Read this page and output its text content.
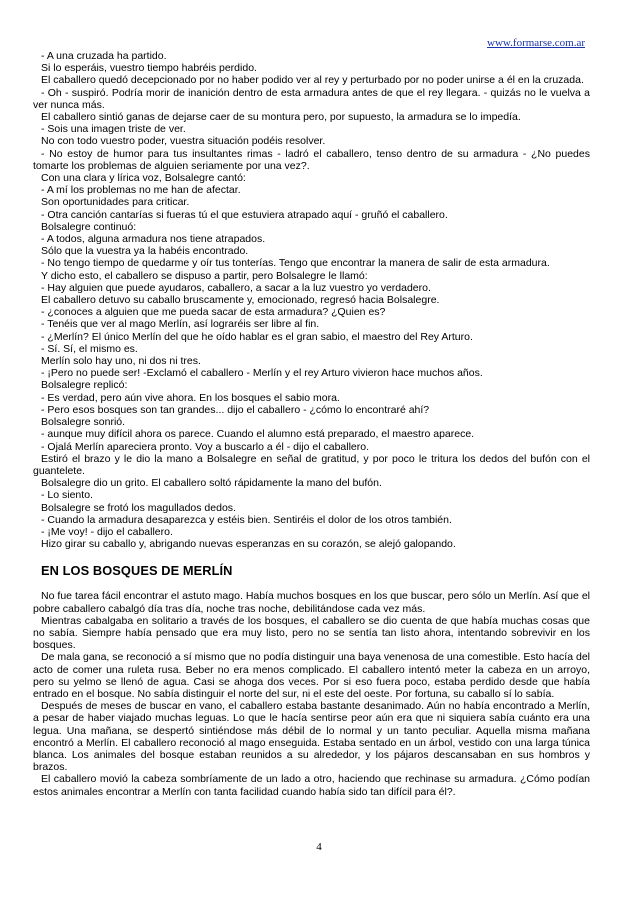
www.formarse.com.ar

- A una cruzada ha partido.

Si lo esperáis, vuestro tiempo habréis perdido.

El caballero quedó decepcionado por no haber podido ver al rey y perturbado por no poder unirse a él en la cruzada.

- Oh - suspiró. Podría morir de inanición dentro de esta armadura antes de que el rey llegara. - quizás no le vuelva a ver nunca más.

El caballero sintió ganas de dejarse caer de su montura pero, por supuesto, la armadura se lo impedía.

- Sois una imagen triste de ver.

No con todo vuestro poder, vuestra situación podéis resolver.

- No estoy de humor para tus insultantes rimas - ladró el caballero, tenso dentro de su armadura - ¿No puedes tomarte los problemas de alguien seriamente por una vez?.

Con una clara y lírica voz, Bolsalegre cantó:

- A mí los problemas no me han de afectar.

Son oportunidades para criticar.

- Otra canción cantarías si fueras tú el que estuviera atrapado aquí - gruñó el caballero.

Bolsalegre continuó:

- A todos, alguna armadura nos tiene atrapados.

Sólo que la vuestra ya la habéis encontrado.

- No tengo tiempo de quedarme y oír tus tonterías. Tengo que encontrar la manera de salir de esta armadura.

Y dicho esto, el caballero se dispuso a partir, pero Bolsalegre le llamó:

- Hay alguien que puede ayudaros, caballero, a sacar a la luz vuestro yo verdadero.

El caballero detuvo su caballo bruscamente y, emocionado, regresó hacia Bolsalegre.

- ¿conoces a alguien que me pueda sacar de esta armadura? ¿Quien es?

- Tenéis que ver al mago Merlín, así lograréis ser libre al fin.

- ¿Merlín? El único Merlín del que he oído hablar es el gran sabio, el maestro del Rey Arturo.

- Sí. Sí, el mismo es.

Merlín solo hay uno, ni dos ni tres.

- ¡Pero no puede ser! -Exclamó el caballero - Merlín y el rey Arturo vivieron hace muchos años.

Bolsalegre replicó:

- Es verdad, pero aún vive ahora. En los bosques el sabio mora.

- Pero esos bosques son tan grandes... dijo el caballero - ¿cómo lo encontraré ahí?

Bolsalegre sonrió.

- aunque muy difícil ahora os parece. Cuando el alumno está preparado, el maestro aparece.

- Ojalá Merlín apareciera pronto. Voy a buscarlo a él - dijo el caballero.

Estiró el brazo y le dio la mano a Bolsalegre en señal de gratitud, y por poco le tritura los dedos del bufón con el guantelete.

Bolsalegre dio un grito. El caballero soltó rápidamente la mano del bufón.

- Lo siento.

Bolsalegre se frotó los magullados dedos.

- Cuando la armadura desaparezca y estéis bien. Sentiréis el dolor de los otros también.

- ¡Me voy! - dijo el caballero.

Hizo girar su caballo y, abrigando nuevas esperanzas en su corazón, se alejó galopando.

EN LOS BOSQUES DE MERLÍN

No fue tarea fácil encontrar el astuto mago. Había muchos bosques en los que buscar, pero sólo un Merlín. Así que el pobre caballero cabalgó día tras día, noche tras noche, debilitándose cada vez más.

Mientras cabalgaba en solitario a través de los bosques, el caballero se dio cuenta de que había muchas cosas que no sabía. Siempre había pensado que era muy listo, pero no se sentía tan listo ahora, intentando sobrevivir en los bosques.

De mala gana, se reconoció a sí mismo que no podía distinguir una baya venenosa de una comestible. Esto hacía del acto de comer una ruleta rusa. Beber no era menos complicado. El caballero intentó meter la cabeza en un arroyo, pero su yelmo se llenó de agua. Casi se ahoga dos veces. Por si eso fuera poco, estaba perdido desde que había entrado en el bosque. No sabía distinguir el norte del sur, ni el este del oeste. Por fortuna, su caballo sí lo sabía.

Después de meses de buscar en vano, el caballero estaba bastante desanimado. Aún no había encontrado a Merlín, a pesar de haber viajado muchas leguas. Lo que le hacía sentirse peor aún era que ni siquiera sabía cuánto era una legua. Una mañana, se despertó sintiéndose más débil de lo normal y un tanto peculiar. Aquella misma mañana encontró a Merlín. El caballero reconoció al mago enseguida. Estaba sentado en un árbol, vestido con una larga túnica blanca. Los animales del bosque estaban reunidos a su alrededor, y los pájaros descansaban en sus hombros y brazos.

El caballero movió la cabeza sombríamente de un lado a otro, haciendo que rechinase su armadura. ¿Cómo podían estos animales encontrar a Merlín con tanta facilidad cuando había sido tan difícil para él?.

4
